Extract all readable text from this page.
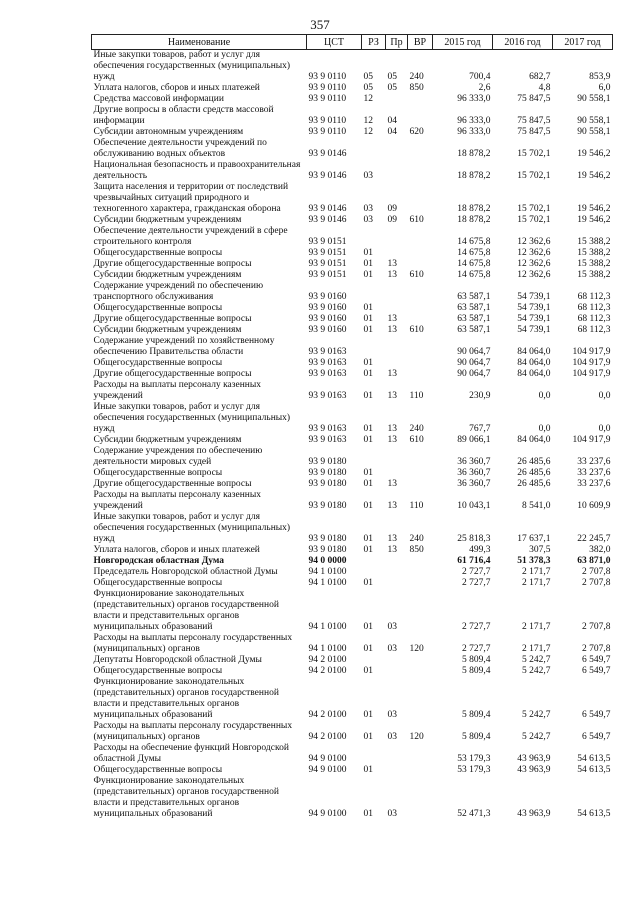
357
Наименование	ЦСТ	РЗ	Пр	ВР	2015 год	2016 год	2017 год
Иные закупки товаров, работ и услуг для обеспечения государственных (муниципальных) нужд	93 9 0110	05	05	240	700,4	682,7	853,9
Уплата налогов, сборов и иных платежей	93 9 0110	05	05	850	2,6	4,8	6,0
Средства массовой информации	93 9 0110	12			96 333,0	75 847,5	90 558,1
Другие вопросы в области средств массовой информации	93 9 0110	12	04		96 333,0	75 847,5	90 558,1
Субсидии автономным учреждениям	93 9 0110	12	04	620	96 333,0	75 847,5	90 558,1
Обеспечение деятельности учреждений по обслуживанию водных объектов	93 9 0146				18 878,2	15 702,1	19 546,2
Национальная безопасность и правоохранительная деятельность	93 9 0146	03			18 878,2	15 702,1	19 546,2
Защита населения и территории от последствий чрезвычайных ситуаций природного и техногенного характера, гражданская оборона	93 9 0146	03	09		18 878,2	15 702,1	19 546,2
Субсидии бюджетным учреждениям	93 9 0146	03	09	610	18 878,2	15 702,1	19 546,2
Обеспечение деятельности учреждений в сфере строительного контроля	93 9 0151				14 675,8	12 362,6	15 388,2
Общегосударственные вопросы	93 9 0151	01			14 675,8	12 362,6	15 388,2
Другие общегосударственные вопросы	93 9 0151	01	13		14 675,8	12 362,6	15 388,2
Субсидии бюджетным учреждениям	93 9 0151	01	13	610	14 675,8	12 362,6	15 388,2
Содержание учреждений по обеспечению транспортного обслуживания	93 9 0160				63 587,1	54 739,1	68 112,3
Общегосударственные вопросы	93 9 0160	01			63 587,1	54 739,1	68 112,3
Другие общегосударственные вопросы	93 9 0160	01	13		63 587,1	54 739,1	68 112,3
Субсидии бюджетным учреждениям	93 9 0160	01	13	610	63 587,1	54 739,1	68 112,3
Содержание учреждений по хозяйственному обеспечению Правительства области	93 9 0163				90 064,7	84 064,0	104 917,9
Общегосударственные вопросы	93 9 0163	01			90 064,7	84 064,0	104 917,9
Другие общегосударственные вопросы	93 9 0163	01	13		90 064,7	84 064,0	104 917,9
Расходы на выплаты персоналу казенных учреждений	93 9 0163	01	13	110	230,9	0,0	0,0
Иные закупки товаров, работ и услуг для обеспечения государственных (муниципальных) нужд	93 9 0163	01	13	240	767,7	0,0	0,0
Субсидии бюджетным учреждениям	93 9 0163	01	13	610	89 066,1	84 064,0	104 917,9
Содержание учреждения по обеспечению деятельности мировых судей	93 9 0180				36 360,7	26 485,6	33 237,6
Общегосударственные вопросы	93 9 0180	01			36 360,7	26 485,6	33 237,6
Другие общегосударственные вопросы	93 9 0180	01	13		36 360,7	26 485,6	33 237,6
Расходы на выплаты персоналу казенных учреждений	93 9 0180	01	13	110	10 043,1	8 541,0	10 609,9
Иные закупки товаров, работ и услуг для обеспечения государственных (муниципальных) нужд	93 9 0180	01	13	240	25 818,3	17 637,1	22 245,7
Уплата налогов, сборов и иных платежей	93 9 0180	01	13	850	499,3	307,5	382,0
Новгородская областная Дума	94 0 0000				61 716,4	51 378,3	63 871,0
Председатель Новгородской областной Думы	94 1 0100				2 727,7	2 171,7	2 707,8
Общегосударственные вопросы	94 1 0100	01			2 727,7	2 171,7	2 707,8
Функционирование законодательных (представительных) органов государственной власти и представительных органов муниципальных образований	94 1 0100	01	03		2 727,7	2 171,7	2 707,8
Расходы на выплаты персоналу государственных (муниципальных) органов	94 1 0100	01	03	120	2 727,7	2 171,7	2 707,8
Депутаты Новгородской областной Думы	94 2 0100				5 809,4	5 242,7	6 549,7
Общегосударственные вопросы	94 2 0100	01			5 809,4	5 242,7	6 549,7
Функционирование законодательных (представительных) органов государственной власти и представительных органов муниципальных образований	94 2 0100	01	03		5 809,4	5 242,7	6 549,7
Расходы на выплаты персоналу государственных (муниципальных) органов	94 2 0100	01	03	120	5 809,4	5 242,7	6 549,7
Расходы на обеспечение функций Новгородской областной Думы	94 9 0100				53 179,3	43 963,9	54 613,5
Общегосударственные вопросы	94 9 0100	01			53 179,3	43 963,9	54 613,5
Функционирование законодательных (представительных) органов государственной власти и представительных органов муниципальных образований	94 9 0100	01	03		52 471,3	43 963,9	54 613,5
